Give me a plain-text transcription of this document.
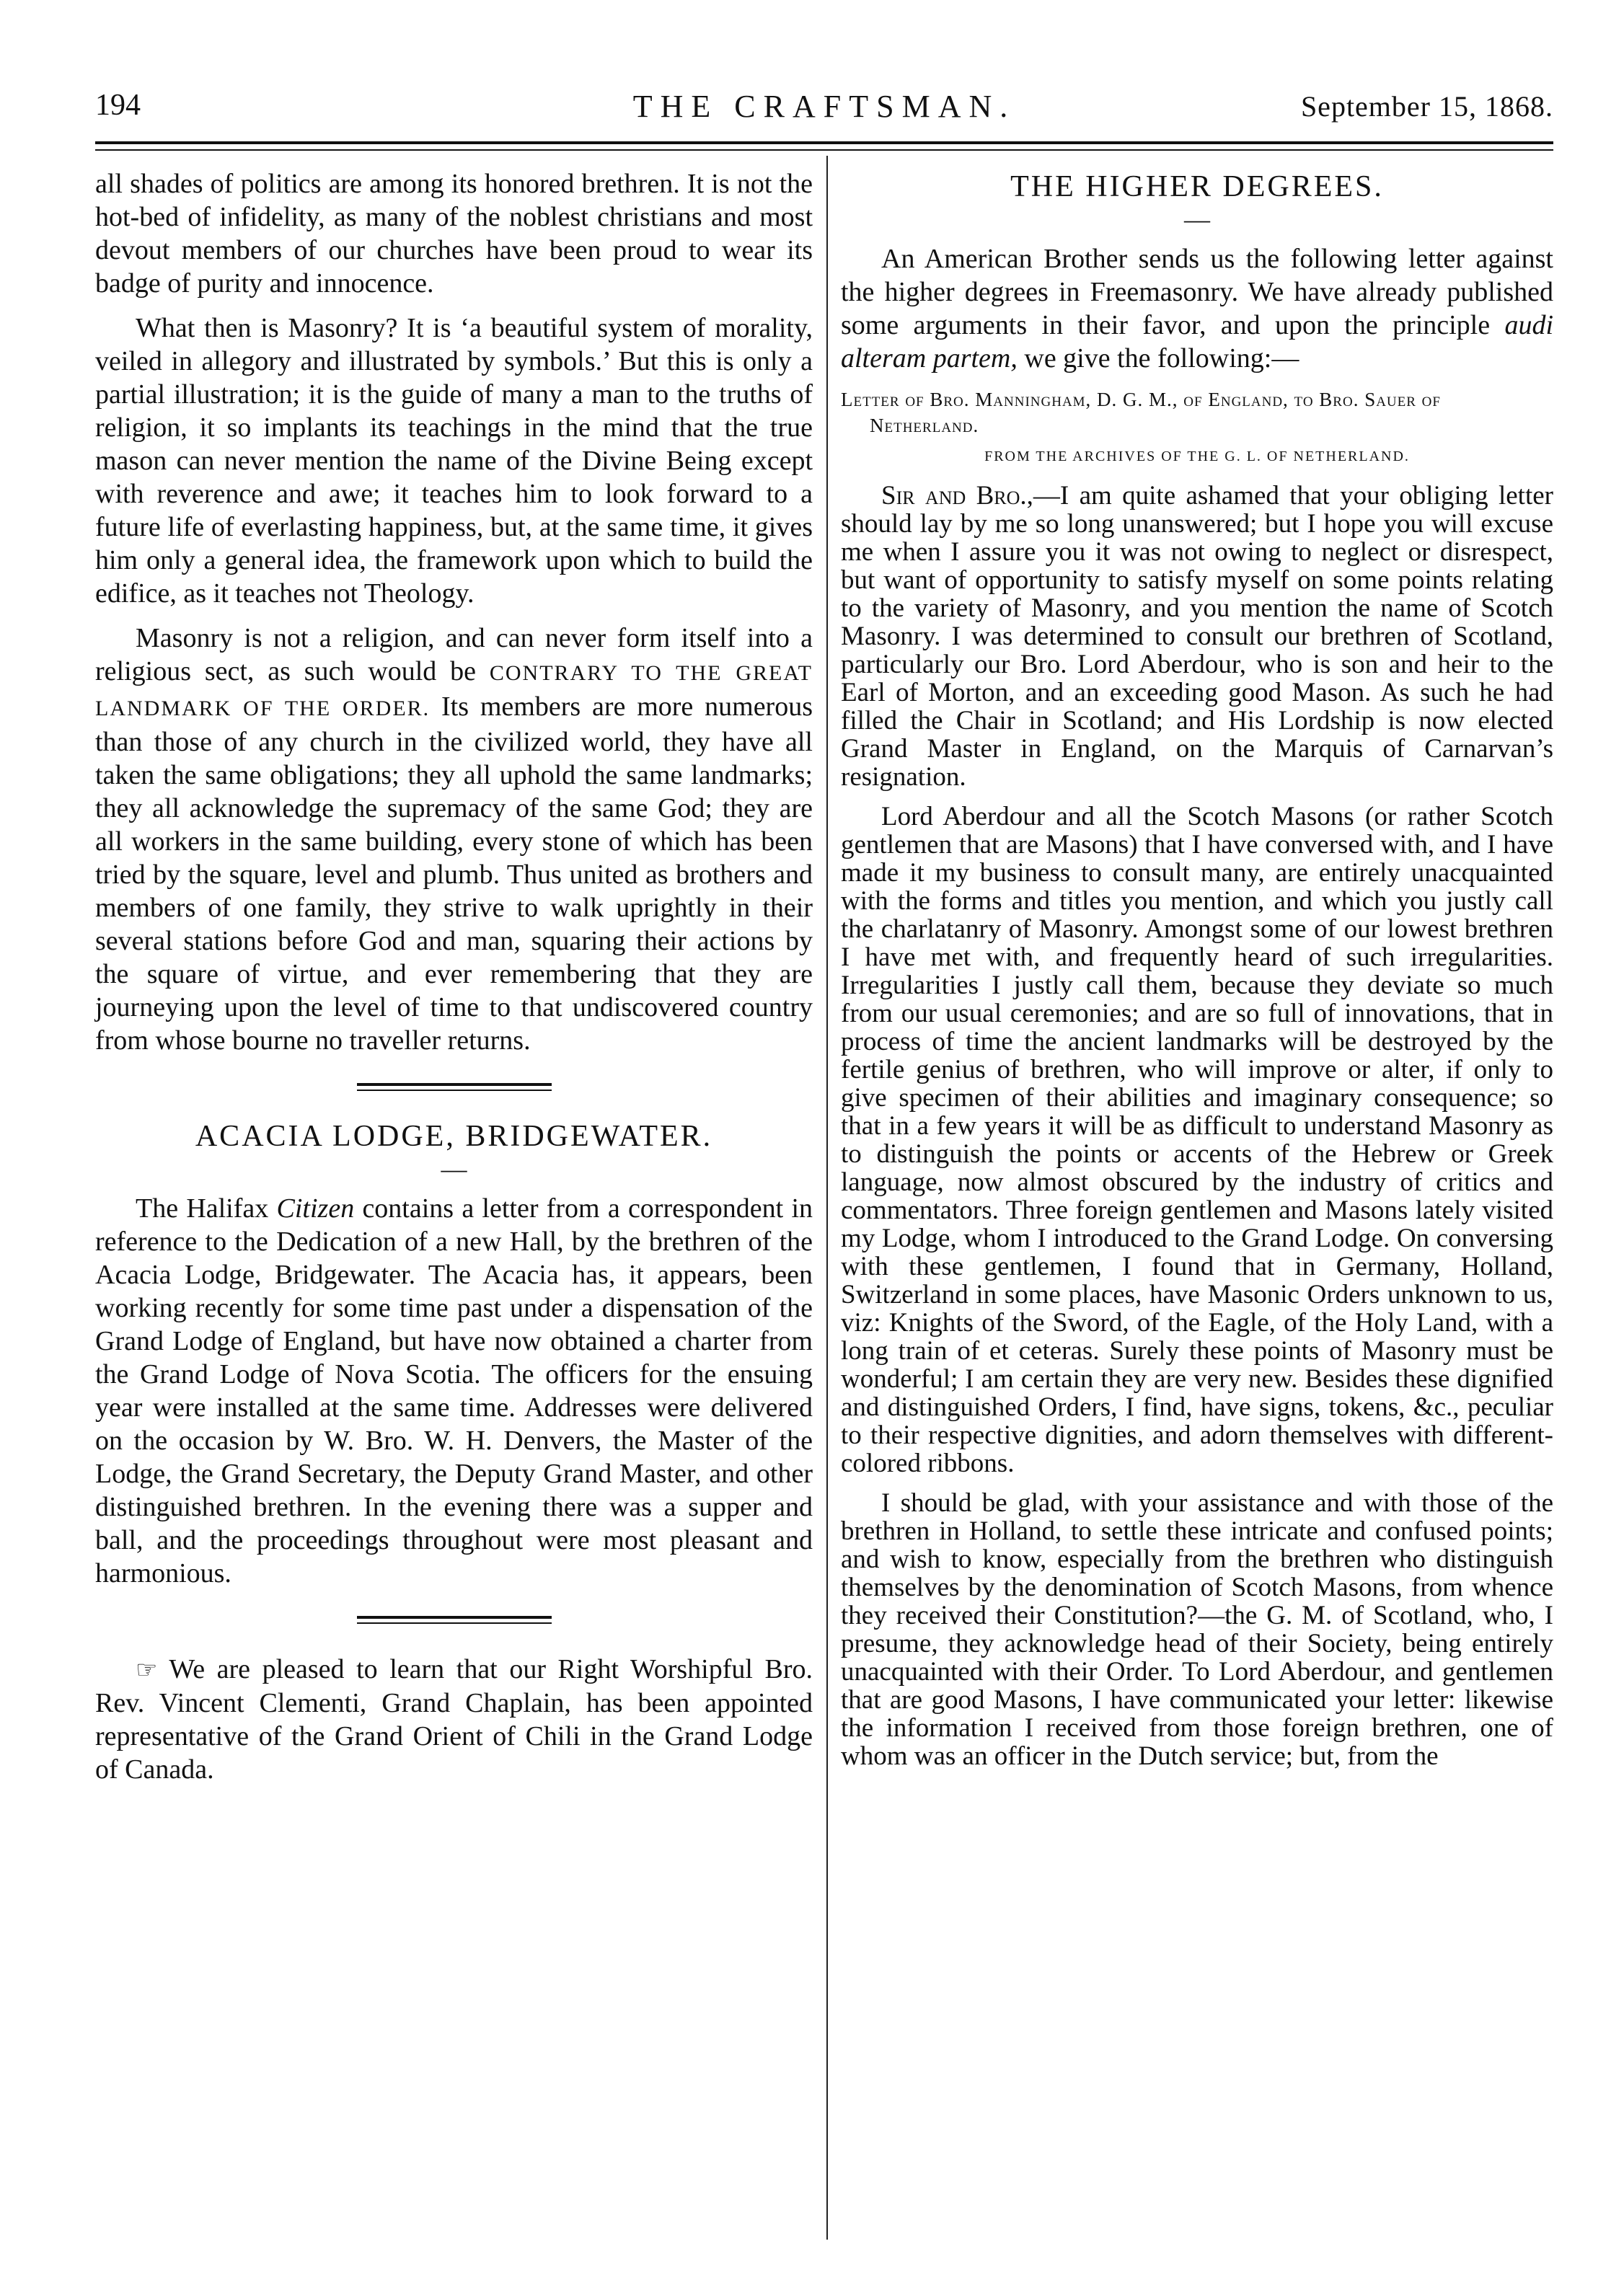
194	THE CRAFTSMAN.	September 15, 1868.

all shades of politics are among its honored brethren. It is not the hot-bed of infidelity, as many of the noblest christians and most devout members of our churches have been proud to wear its badge of purity and innocence.

What then is Masonry? It is ‘a beautiful system of morality, veiled in allegory and illustrated by symbols.’ But this is only a partial illustration; it is the guide of many a man to the truths of religion, it so implants its teachings in the mind that the true mason can never mention the name of the Divine Being except with reverence and awe; it teaches him to look forward to a future life of everlasting happiness, but, at the same time, it gives him only a general idea, the framework upon which to build the edifice, as it teaches not Theology.

Masonry is not a religion, and can never form itself into a religious sect, as such would be CONTRARY TO THE GREAT LANDMARK OF THE ORDER. Its members are more numerous than those of any church in the civilized world, they have all taken the same obligations; they all uphold the same landmarks; they all acknowledge the supremacy of the same God; they are all workers in the same building, every stone of which has been tried by the square, level and plumb. Thus united as brothers and members of one family, they strive to walk uprightly in their several stations before God and man, squaring their actions by the square of virtue, and ever remembering that they are journeying upon the level of time to that undiscovered country from whose bourne no traveller returns.

ACACIA LODGE, BRIDGEWATER.
—

The Halifax Citizen contains a letter from a correspondent in reference to the Dedication of a new Hall, by the brethren of the Acacia Lodge, Bridgewater. The Acacia has, it appears, been working recently for some time past under a dispensation of the Grand Lodge of England, but have now obtained a charter from the Grand Lodge of Nova Scotia. The officers for the ensuing year were installed at the same time. Addresses were delivered on the occasion by W. Bro. W. H. Denvers, the Master of the Lodge, the Grand Secretary, the Deputy Grand Master, and other distinguished brethren. In the evening there was a supper and ball, and the proceedings throughout were most pleasant and harmonious.

☞ We are pleased to learn that our Right Worshipful Bro. Rev. Vincent Clementi, Grand Chaplain, has been appointed representative of the Grand Orient of Chili in the Grand Lodge of Canada.

THE HIGHER DEGREES.
—

An American Brother sends us the following letter against the higher degrees in Freemasonry. We have already published some arguments in their favor, and upon the principle audi alteram partem, we give the following:—

Letter of Bro. Manningham, D. G. M., of England, to Bro. Sauer of Netherland.
FROM THE ARCHIVES OF THE G. L. OF NETHERLAND.

Sir and Bro.,—I am quite ashamed that your obliging letter should lay by me so long unanswered; but I hope you will excuse me when I assure you it was not owing to neglect or disrespect, but want of opportunity to satisfy myself on some points relating to the variety of Masonry, and you mention the name of Scotch Masonry. I was determined to consult our brethren of Scotland, particularly our Bro. Lord Aberdour, who is son and heir to the Earl of Morton, and an exceeding good Mason. As such he had filled the Chair in Scotland; and His Lordship is now elected Grand Master in England, on the Marquis of Carnarvan’s resignation.

Lord Aberdour and all the Scotch Masons (or rather Scotch gentlemen that are Masons) that I have conversed with, and I have made it my business to consult many, are entirely unacquainted with the forms and titles you mention, and which you justly call the charlatanry of Masonry. Amongst some of our lowest brethren I have met with, and frequently heard of such irregularities. Irregularities I justly call them, because they deviate so much from our usual ceremonies; and are so full of innovations, that in process of time the ancient landmarks will be destroyed by the fertile genius of brethren, who will improve or alter, if only to give specimen of their abilities and imaginary consequence; so that in a few years it will be as difficult to understand Masonry as to distinguish the points or accents of the Hebrew or Greek language, now almost obscured by the industry of critics and commentators. Three foreign gentlemen and Masons lately visited my Lodge, whom I introduced to the Grand Lodge. On conversing with these gentlemen, I found that in Germany, Holland, Switzerland in some places, have Masonic Orders unknown to us, viz: Knights of the Sword, of the Eagle, of the Holy Land, with a long train of et ceteras. Surely these points of Masonry must be wonderful; I am certain they are very new. Besides these dignified and distinguished Orders, I find, have signs, tokens, &c., peculiar to their respective dignities, and adorn themselves with different-colored ribbons.

I should be glad, with your assistance and with those of the brethren in Holland, to settle these intricate and confused points; and wish to know, especially from the brethren who distinguish themselves by the denomination of Scotch Masons, from whence they received their Constitution?—the G. M. of Scotland, who, I presume, they acknowledge head of their Society, being entirely unacquainted with their Order. To Lord Aberdour, and gentlemen that are good Masons, I have communicated your letter: likewise the information I received from those foreign brethren, one of whom was an officer in the Dutch service; but, from the
